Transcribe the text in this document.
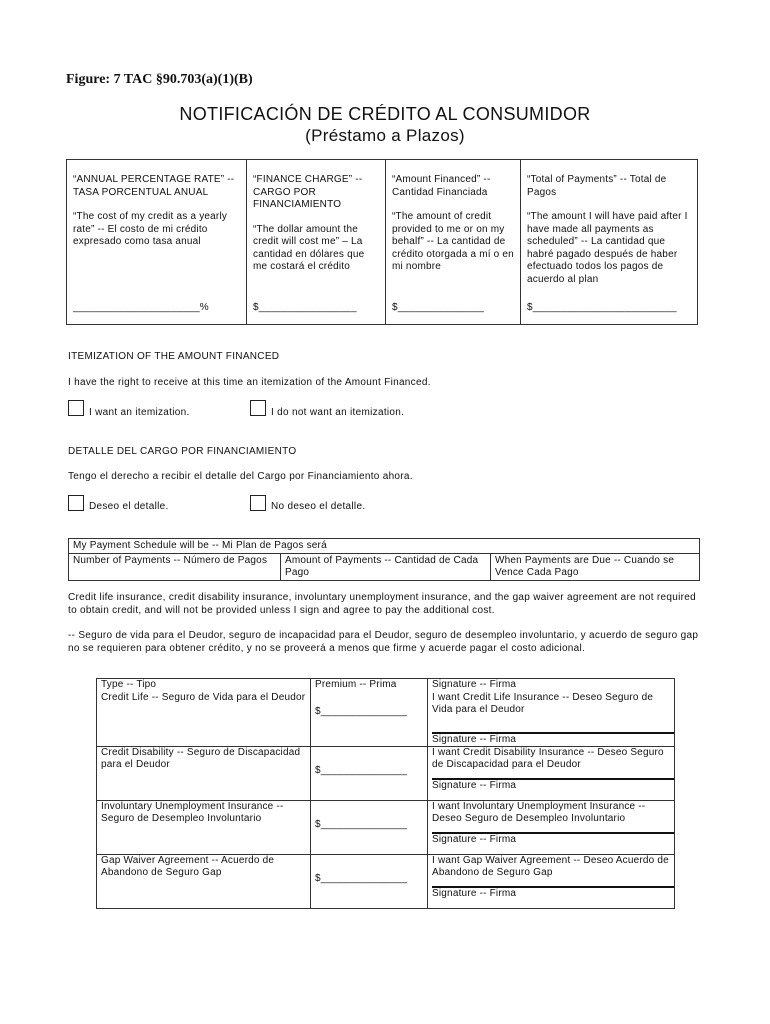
Figure: 7 TAC §90.703(a)(1)(B)
NOTIFICACIÓN DE CRÉDITO AL CONSUMIDOR
(Préstamo a Plazos)
“ANNUAL PERCENTAGE RATE” -- TASA PORCENTUAL ANUAL
“The cost of my credit as a yearly rate” -- El costo de mi crédito expresado como tasa anual
______________________%
“FINANCE CHARGE” -- CARGO POR FINANCIAMIENTO
“The dollar amount the credit will cost me” – La cantidad en dólares que me costará el crédito
$_________________
“Amount Financed” -- Cantidad Financiada
“The amount of credit provided to me or on my behalf” -- La cantidad de crédito otorgada a mí o en mi nombre
$_______________
“Total of Payments” -- Total de Pagos
“The amount I will have paid after I have made all payments as scheduled” -- La cantidad que habré pagado después de haber efectuado todos los pagos de acuerdo al plan
$_________________________
ITEMIZATION OF THE AMOUNT FINANCED
I have the right to receive at this time an itemization of the Amount Financed.
I want an itemization.	I do not want an itemization.
DETALLE DEL CARGO POR FINANCIAMIENTO
Tengo el derecho a recibir el detalle del Cargo por Financiamiento ahora.
Deseo el detalle.	No deseo el detalle.
My Payment Schedule will be -- Mi Plan de Pagos será
Number of Payments -- Número de Pagos	Amount of Payments -- Cantidad de Cada Pago	When Payments are Due -- Cuando se Vence Cada Pago
Credit life insurance, credit disability insurance, involuntary unemployment insurance, and the gap waiver agreement are not required to obtain credit, and will not be provided unless I sign and agree to pay the additional cost.
-- Seguro de vida para el Deudor, seguro de incapacidad para el Deudor, seguro de desempleo involuntario, y acuerdo de seguro gap no se requieren para obtener crédito, y no se proveerá a menos que firme y acuerde pagar el costo adicional.
Type -- Tipo	Premium -- Prima	Signature -- Firma
Credit Life -- Seguro de Vida para el Deudor	$_______________	I want Credit Life Insurance -- Deseo Seguro de Vida para el Deudor
Signature -- Firma

Credit Disability -- Seguro de Discapacidad para el Deudor	$_______________	I want Credit Disability Insurance -- Deseo Seguro de Discapacidad para el Deudor
Signature -- Firma

Involuntary Unemployment Insurance -- Seguro de Desempleo Involuntario	$_______________	I want Involuntary Unemployment Insurance -- Deseo Seguro de Desempleo Involuntario
Signature -- Firma

Gap Waiver Agreement -- Acuerdo de Abandono de Seguro Gap	$_______________	I want Gap Waiver Agreement -- Deseo Acuerdo de Abandono de Seguro Gap
Signature -- Firma
